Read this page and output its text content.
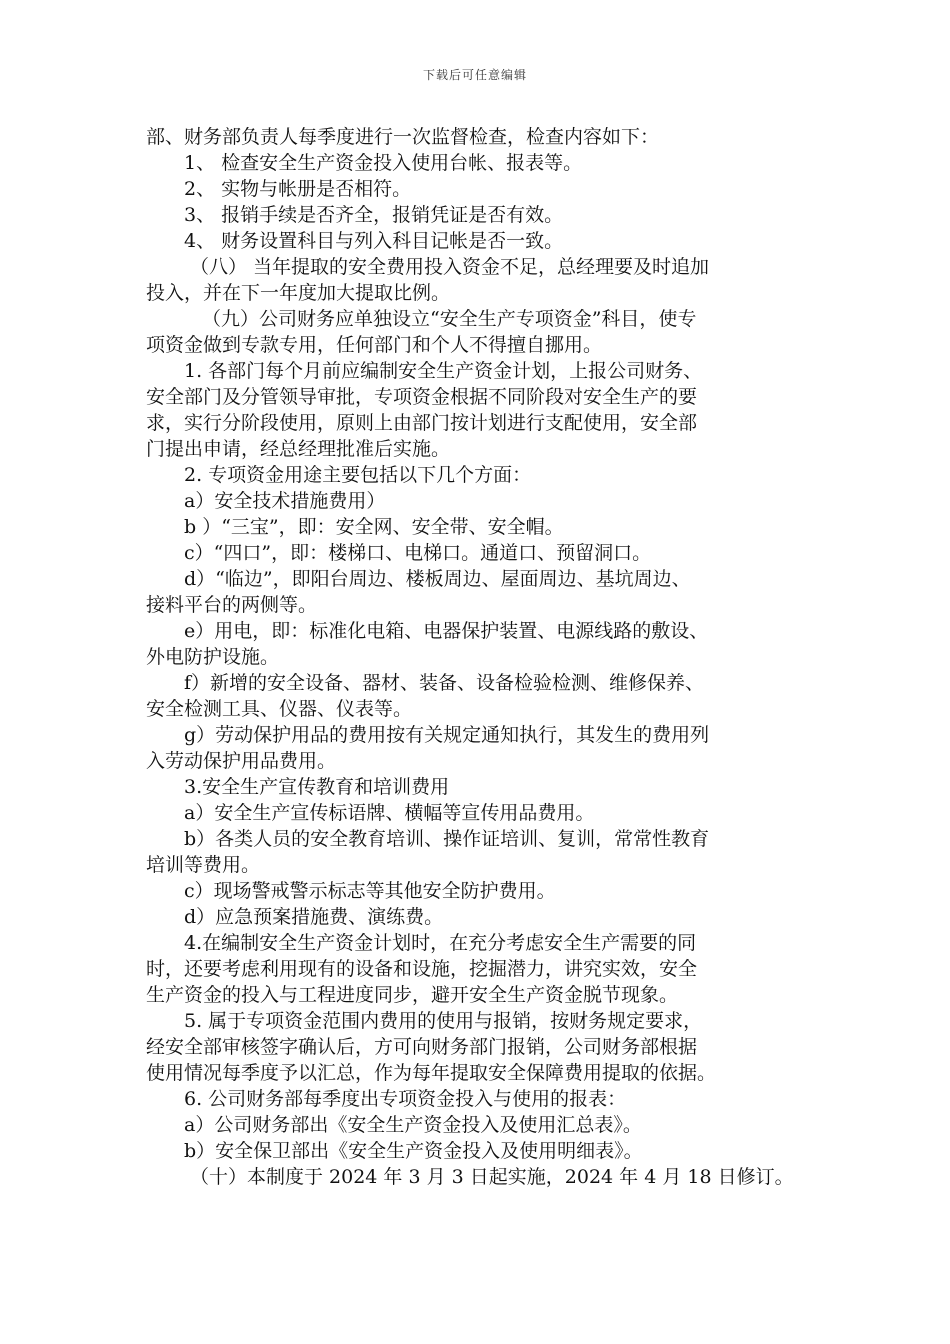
下载后可任意编辑
部、财务部负责人每季度进行一次监督检查，检查内容如下：
1、 检查安全生产资金投入使用台帐、报表等。
2、 实物与帐册是否相符。
3、 报销手续是否齐全，报销凭证是否有效。
4、 财务设置科目与列入科目记帐是否一致。
（八） 当年提取的安全费用投入资金不足，总经理要及时追加
投入，并在下一年度加大提取比例。
（九）公司财务应单独设立“安全生产专项资金”科目，使专
项资金做到专款专用，任何部门和个人不得擅自挪用。
1. 各部门每个月前应编制安全生产资金计划，上报公司财务、
安全部门及分管领导审批，专项资金根据不同阶段对安全生产的要
求，实行分阶段使用，原则上由部门按计划进行支配使用，安全部
门提出申请，经总经理批准后实施。
2. 专项资金用途主要包括以下几个方面：
a）安全技术措施费用）
b ）“三宝”，即：安全网、安全带、安全帽。
c）“四口”，即：楼梯口、电梯口。通道口、预留洞口。
d）“临边”，即阳台周边、楼板周边、屋面周边、基坑周边、
接料平台的两侧等。
e）用电，即：标准化电箱、电器保护装置、电源线路的敷设、
外电防护设施。
f）新增的安全设备、器材、装备、设备检验检测、维修保养、
安全检测工具、仪器、仪表等。
g）劳动保护用品的费用按有关规定通知执行，其发生的费用列
入劳动保护用品费用。
3.安全生产宣传教育和培训费用
a）安全生产宣传标语牌、横幅等宣传用品费用。
b）各类人员的安全教育培训、操作证培训、复训，常常性教育
培训等费用。
c）现场警戒警示标志等其他安全防护费用。
d）应急预案措施费、演练费。
4.在编制安全生产资金计划时，在充分考虑安全生产需要的同
时，还要考虑利用现有的设备和设施，挖掘潜力，讲究实效，安全
生产资金的投入与工程进度同步，避开安全生产资金脱节现象。
5. 属于专项资金范围内费用的使用与报销，按财务规定要求，
经安全部审核签字确认后，方可向财务部门报销，公司财务部根据
使用情况每季度予以汇总，作为每年提取安全保障费用提取的依据。
6. 公司财务部每季度出专项资金投入与使用的报表：
a）公司财务部出《安全生产资金投入及使用汇总表》。
b）安全保卫部出《安全生产资金投入及使用明细表》。
（十）本制度于 2024 年 3 月 3 日起实施，2024 年 4 月 18 日修订。
